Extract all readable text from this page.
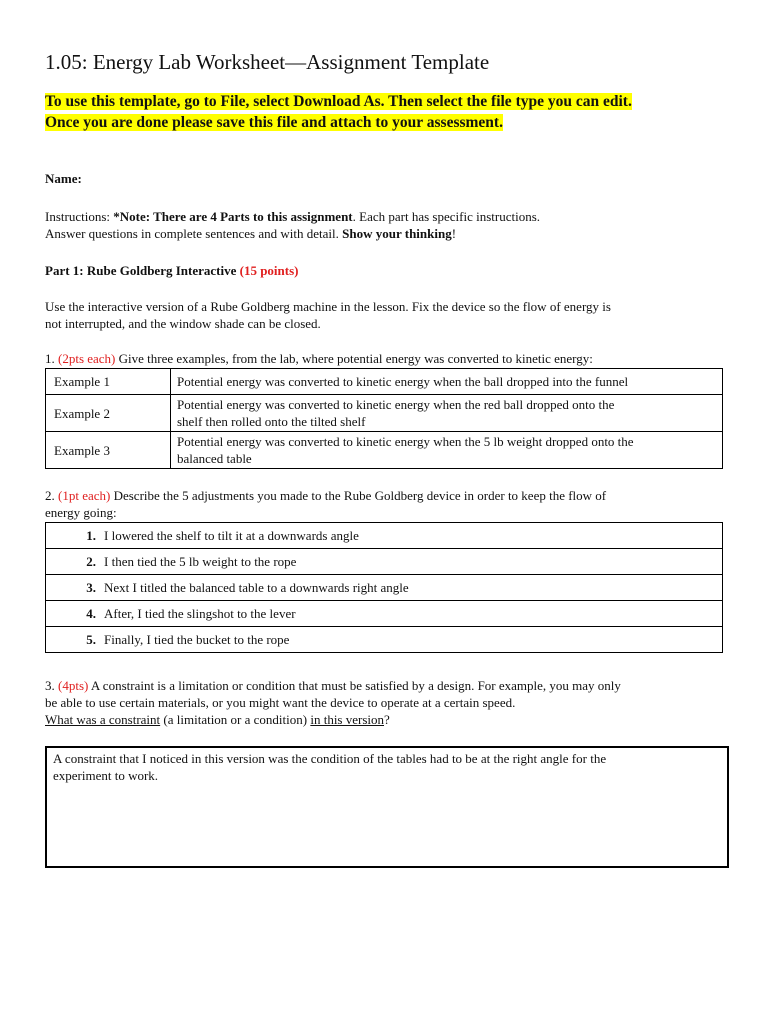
1.05: Energy Lab Worksheet—Assignment Template
To use this template, go to File, select Download As. Then select the file type you can edit.
Once you are done please save this file and attach to your assessment.
Name:
Instructions: *Note: There are 4 Parts to this assignment. Each part has specific instructions.
Answer questions in complete sentences and with detail. Show your thinking!
Part 1: Rube Goldberg Interactive (15 points)
Use the interactive version of a Rube Goldberg machine in the lesson. Fix the device so the flow of energy is
not interrupted, and the window shade can be closed.
1. (2pts each) Give three examples, from the lab, where potential energy was converted to kinetic energy:
Example 1	Potential energy was converted to kinetic energy when the ball dropped into the funnel
Example 2	Potential energy was converted to kinetic energy when the red ball dropped onto the
shelf then rolled onto the tilted shelf
Example 3	Potential energy was converted to kinetic energy when the 5 lb weight dropped onto the
balanced table
2. (1pt each) Describe the 5 adjustments you made to the Rube Goldberg device in order to keep the flow of
energy going:
1. I lowered the shelf to tilt it at a downwards angle
2. I then tied the 5 lb weight to the rope
3. Next I titled the balanced table to a downwards right angle
4. After, I tied the slingshot to the lever
5. Finally, I tied the bucket to the rope
3. (4pts) A constraint is a limitation or condition that must be satisfied by a design. For example, you may only
be able to use certain materials, or you might want the device to operate at a certain speed.
What was a constraint (a limitation or a condition) in this version?
A constraint that I noticed in this version was the condition of the tables had to be at the right angle for the
experiment to work.
